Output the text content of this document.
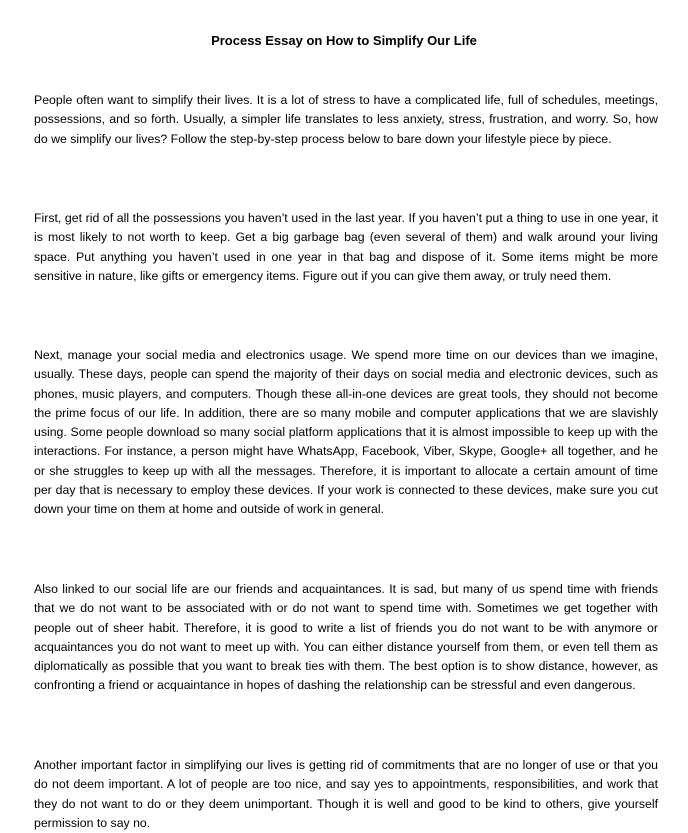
Process Essay on How to Simplify Our Life

People often want to simplify their lives. It is a lot of stress to have a complicated life, full of schedules, meetings, possessions, and so forth. Usually, a simpler life translates to less anxiety, stress, frustration, and worry. So, how do we simplify our lives? Follow the step-by-step process below to bare down your lifestyle piece by piece.

First, get rid of all the possessions you haven’t used in the last year. If you haven’t put a thing to use in one year, it is most likely to not worth to keep. Get a big garbage bag (even several of them) and walk around your living space. Put anything you haven’t used in one year in that bag and dispose of it. Some items might be more sensitive in nature, like gifts or emergency items. Figure out if you can give them away, or truly need them.

Next, manage your social media and electronics usage. We spend more time on our devices than we imagine, usually. These days, people can spend the majority of their days on social media and electronic devices, such as phones, music players, and computers. Though these all-in-one devices are great tools, they should not become the prime focus of our life. In addition, there are so many mobile and computer applications that we are slavishly using. Some people download so many social platform applications that it is almost impossible to keep up with the interactions. For instance, a person might have WhatsApp, Facebook, Viber, Skype, Google+ all together, and he or she struggles to keep up with all the messages. Therefore, it is important to allocate a certain amount of time per day that is necessary to employ these devices. If your work is connected to these devices, make sure you cut down your time on them at home and outside of work in general.

Also linked to our social life are our friends and acquaintances. It is sad, but many of us spend time with friends that we do not want to be associated with or do not want to spend time with. Sometimes we get together with people out of sheer habit. Therefore, it is good to write a list of friends you do not want to be with anymore or acquaintances you do not want to meet up with. You can either distance yourself from them, or even tell them as diplomatically as possible that you want to break ties with them. The best option is to show distance, however, as confronting a friend or acquaintance in hopes of dashing the relationship can be stressful and even dangerous.

Another important factor in simplifying our lives is getting rid of commitments that are no longer of use or that you do not deem important. A lot of people are too nice, and say yes to appointments, responsibilities, and work that they do not want to do or they deem unimportant. Though it is well and good to be kind to others, give yourself permission to say no.
